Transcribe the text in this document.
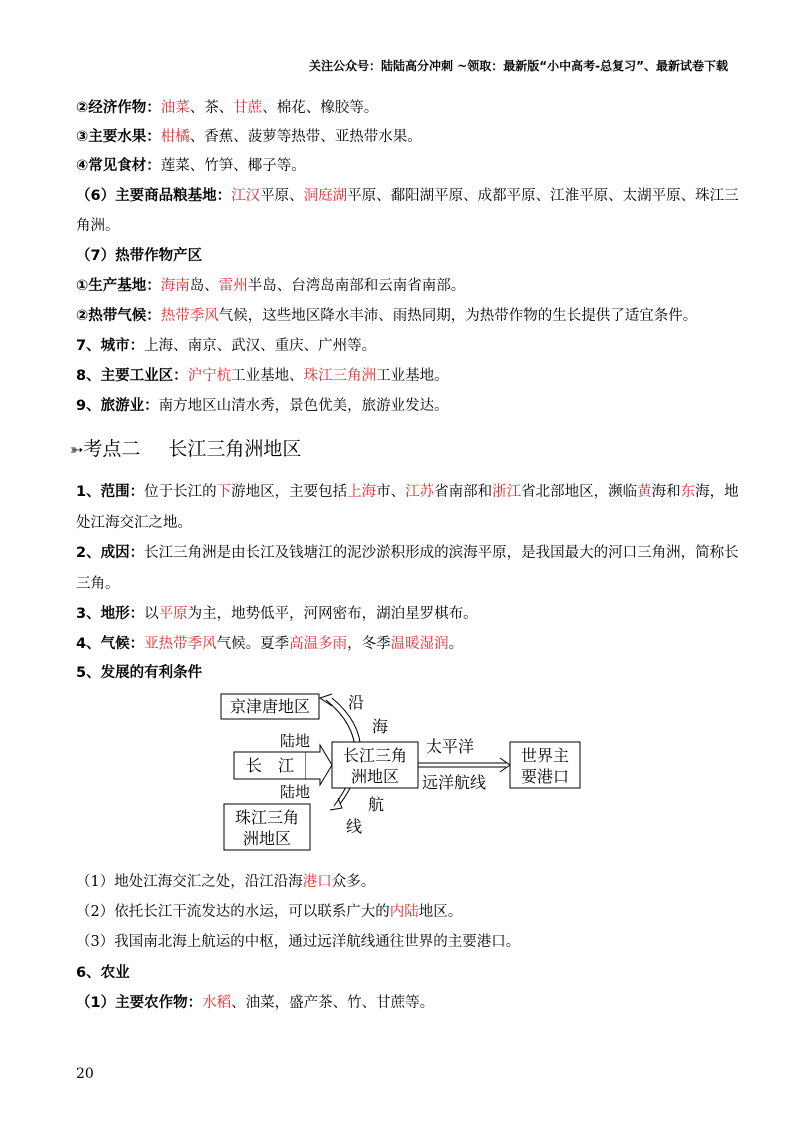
关注公众号：陆陆高分冲刺 ~领取：最新版“小中高考-总复习”、最新试卷下载
②经济作物：油菜、茶、甘蔗、棉花、橡胶等。
③主要水果：柑橘、香蕉、菠萝等热带、亚热带水果。
④常见食材：莲菜、竹笋、椰子等。
（6）主要商品粮基地：江汉平原、洞庭湖平原、鄱阳湖平原、成都平原、江淮平原、太湖平原、珠江三
角洲。
（7）热带作物产区
①生产基地：海南岛、雷州半岛、台湾岛南部和云南省南部。
②热带气候：热带季风气候，这些地区降水丰沛、雨热同期，为热带作物的生长提供了适宜条件。
7、城市：上海、南京、武汉、重庆、广州等。
8、主要工业区：沪宁杭工业基地、珠江三角洲工业基地。
9、旅游业：南方地区山清水秀，景色优美，旅游业发达。
➳考点二 长江三角洲地区
1、范围：位于长江的下游地区，主要包括上海市、江苏省南部和浙江省北部地区，濒临黄海和东海，地
处江海交汇之地。
2、成因：长江三角洲是由长江及钱塘江的泥沙淤积形成的滨海平原，是我国最大的河口三角洲，简称长
三角。
3、地形：以平原为主，地势低平，河网密布，湖泊星罗棋布。
4、气候：亚热带季风气候。夏季高温多雨，冬季温暖湿润。
5、发展的有利条件
京津唐地区
长　江
珠江三角
洲地区
长江三角
洲地区
世界主
要港口
沿
海
航
线
陆地
陆地
太平洋
远洋航线
（1）地处江海交汇之处，沿江沿海港口众多。
（2）依托长江干流发达的水运，可以联系广大的内陆地区。
（3）我国南北海上航运的中枢，通过远洋航线通往世界的主要港口。
6、农业
（1）主要农作物：水稻、油菜，盛产茶、竹、甘蔗等。
20
